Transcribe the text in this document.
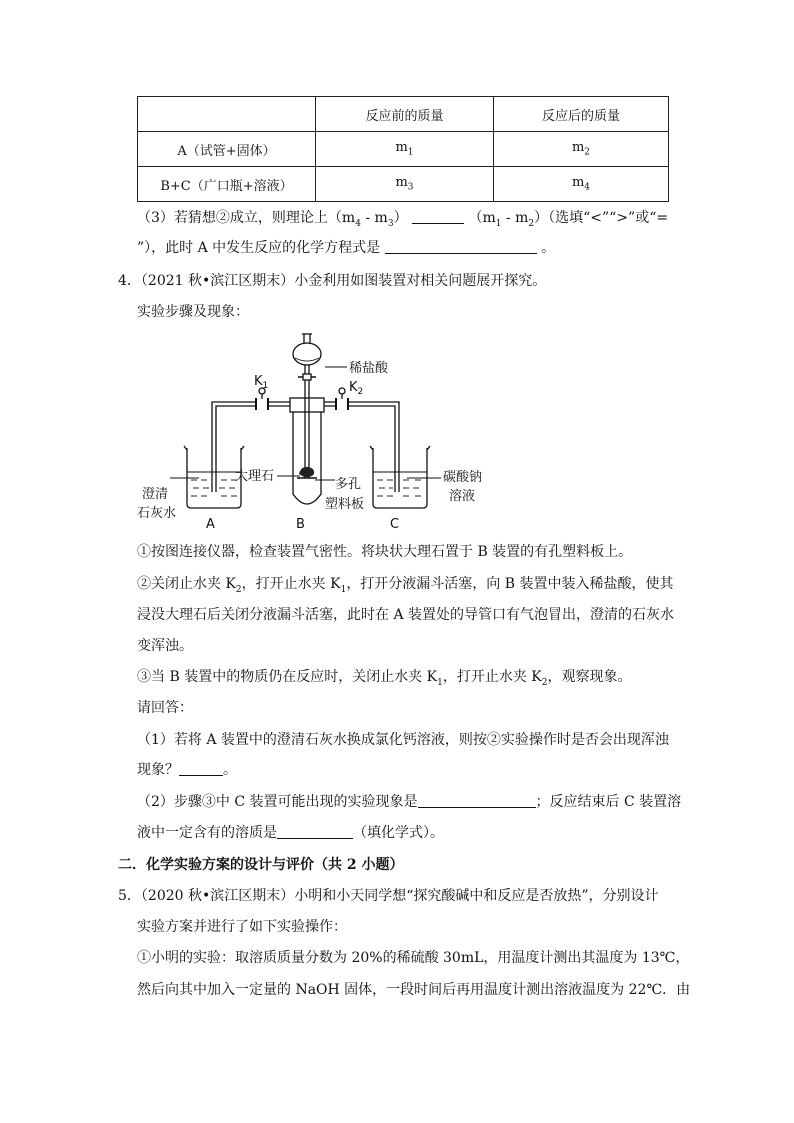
	反应前的质量	反应后的质量
A（试管+固体）	$m_1$	$m_2$
B+C（广口瓶+溶液）	$m_3$	$m_4$
（3）若猜想②成立，则理论上$(m_4 - m_3)$	$(m_1 - m_2)$（选填“<”“>”或“=
”），此时 A 中发生反应的化学方程式是	。
4．（2021 秋•滨江区期末）小金利用如图装置对相关问题展开探究。
实验步骤及现象：
稀盐酸
$K_1$	$K_2$
大理石
多孔
塑料板
澄清
石灰水
碳酸钠
溶液
A	B	C
①按图连接仪器，检查装置气密性。将块状大理石置于 B 装置的有孔塑料板上。
②关闭止水夹 $K_2$，打开止水夹 $K_1$，打开分液漏斗活塞，向 B 装置中装入稀盐酸，使其
浸没大理石后关闭分液漏斗活塞，此时在 A 装置处的导管口有气泡冒出，澄清的石灰水
变浑浊。
③当 B 装置中的物质仍在反应时，关闭止水夹 $K_1$，打开止水夹 $K_2$，观察现象。
请回答：
（1）若将 A 装置中的澄清石灰水换成氯化钙溶液，则按②实验操作时是否会出现浑浊
现象？	。
（2）步骤③中 C 装置可能出现的实验现象是	；反应结束后 C 装置溶
液中一定含有的溶质是	（填化学式）。
二．化学实验方案的设计与评价（共 2 小题）
5．（2020 秋•滨江区期末）小明和小天同学想“探究酸碱中和反应是否放热”，分别设计
实验方案并进行了如下实验操作：
①小明的实验：取溶质质量分数为 20%的稀硫酸 30mL，用温度计测出其温度为 13℃，
然后向其中加入一定量的 NaOH 固体，一段时间后再用温度计测出溶液温度为 22℃．由
